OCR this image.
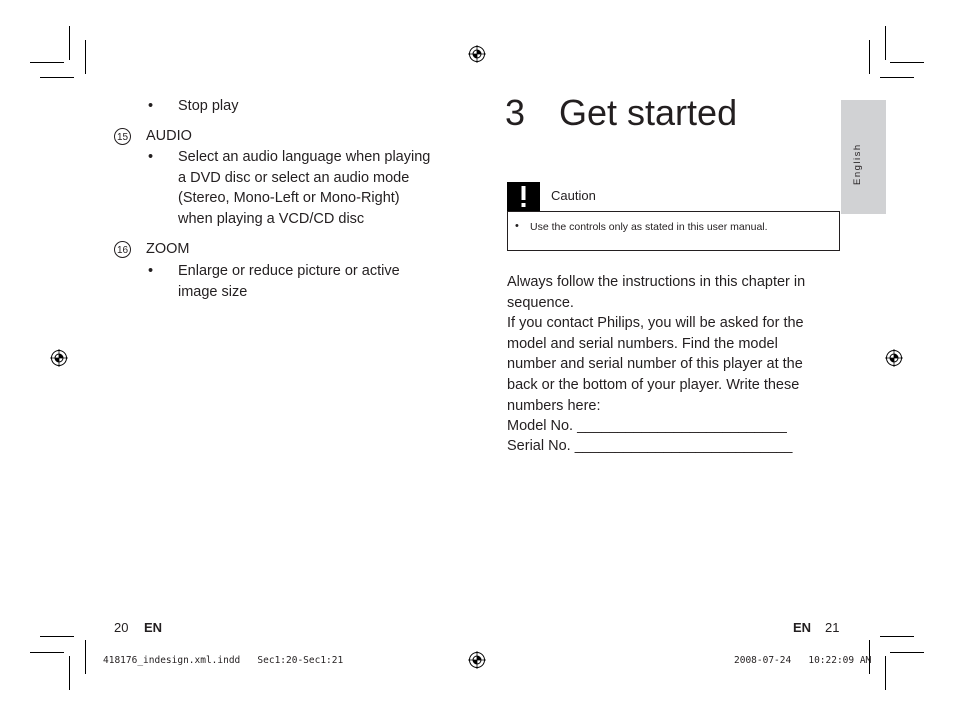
• Stop play
15 AUDIO
• Select an audio language when playing
a DVD disc or select an audio mode
(Stereo, Mono-Left or Mono-Right)
when playing a VCD/CD disc
16 ZOOM
• Enlarge or reduce picture or active
image size
20 EN
3 Get started
English
Caution
• Use the controls only as stated in this user manual.
Always follow the instructions in this chapter in
sequence.
If you contact Philips, you will be asked for the
model and serial numbers. Find the model
number and serial number of this player at the
back or the bottom of your player. Write these
numbers here:
Model No. __________________________
Serial No. ___________________________
EN 21
418176_indesign.xml.indd   Sec1:20-Sec1:21	2008-07-24   10:22:09 AM
